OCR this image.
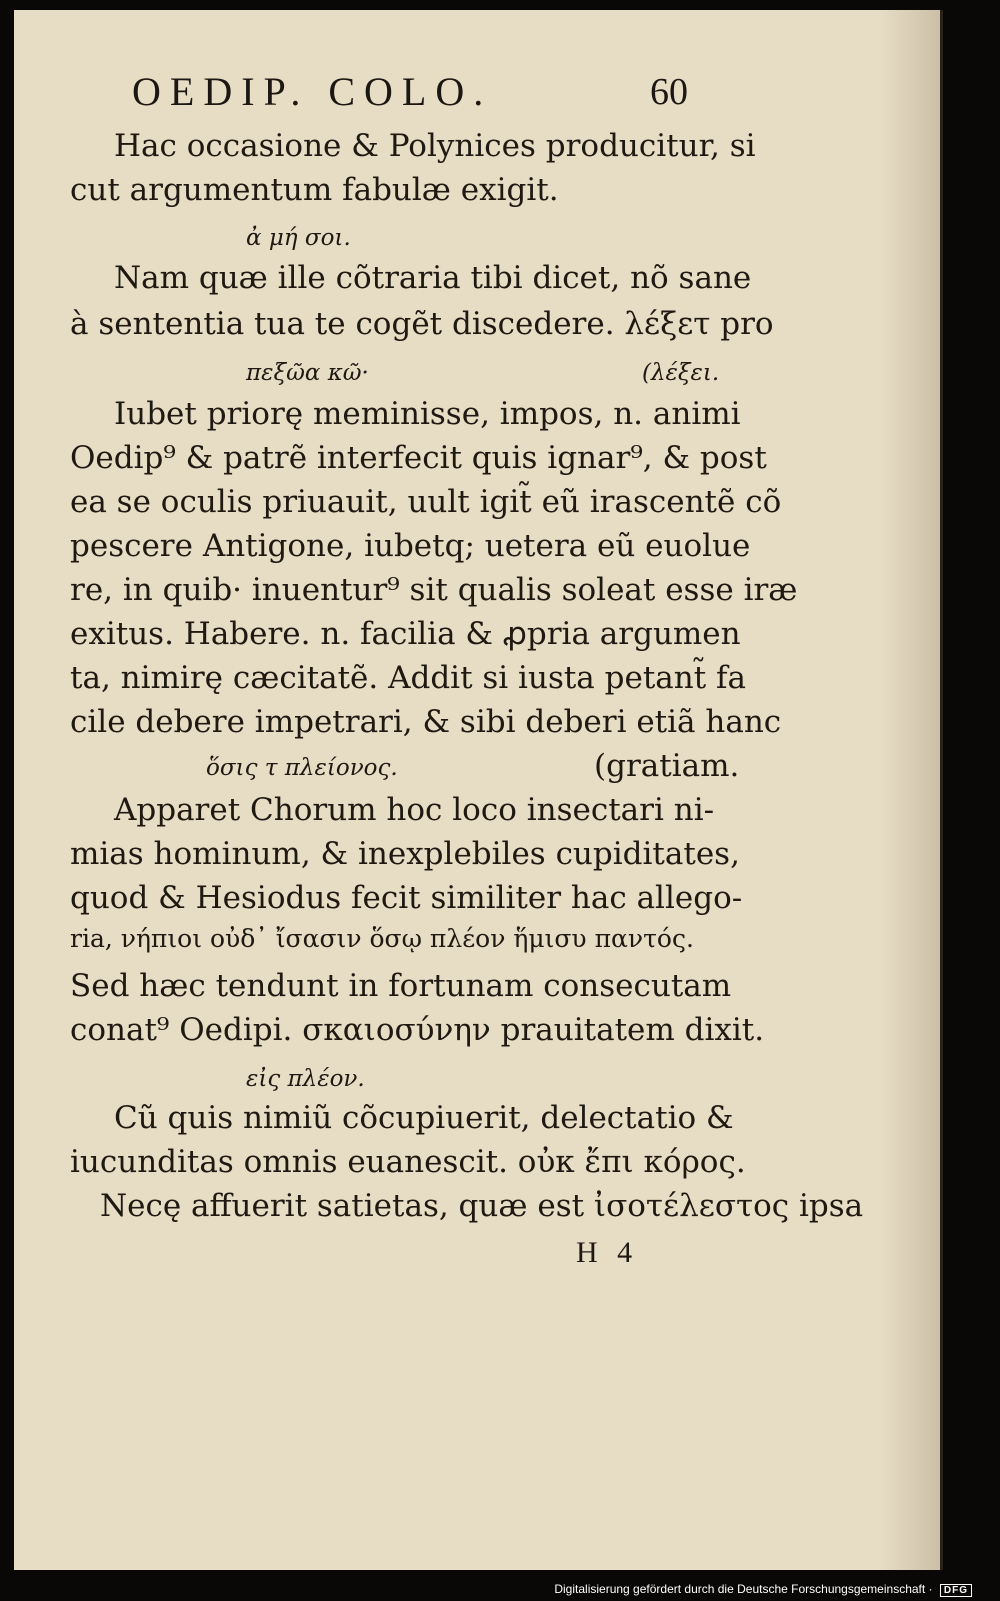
OEDIP. COLO.	60
Hac occasione & Polynices producitur, si
cut argumentum fabulæ exigit.
ἀ μή σοι.
Nam quæ ille cõtraria tibi dicet, nõ sane
à sententia tua te cogẽt discedere. λέξετ pro
πεξῶα κῶ·	(λέξει.
Iubet priorę meminisse, impos, n. animi
Oedip⁹ & patrẽ interfecit quis ignar⁹, & post
ea se oculis priuauit, uult igit̃ eũ irascentẽ cõ
pescere Antigone, iubetq; uetera eũ euolue
re, in quib· inuentur⁹ sit qualis soleat esse iræ
exitus. Habere. n. facilia & ꝓpria argumen
ta, nimirę cæcitatẽ. Addit si iusta petant̃ fa
cile debere impetrari, & sibi deberi etiã hanc
ὅσις τ πλείονος.	(gratiam.
Apparet Chorum hoc loco insectari ni-
mias hominum, & inexplebiles cupiditates,
quod & Hesiodus fecit similiter hac allego-
ria, νήπιοι οὐδ᾽ ἴσασιν ὅσῳ πλέον ἥμισυ παντός.
Sed hæc tendunt in fortunam consecutam
conat⁹ Oedipi. σκαιοσύνην prauitatem dixit.
εἰς πλέον.
Cũ quis nimiũ cõcupiuerit, delectatio &
iucunditas omnis euanescit. οὐκ ἔπι κόρος.
Necę affuerit satietas, quæ est ἰσοτέλεστος ipsa
H 4
Digitalisierung gefördert durch die Deutsche Forschungsgemeinschaft · DFG
